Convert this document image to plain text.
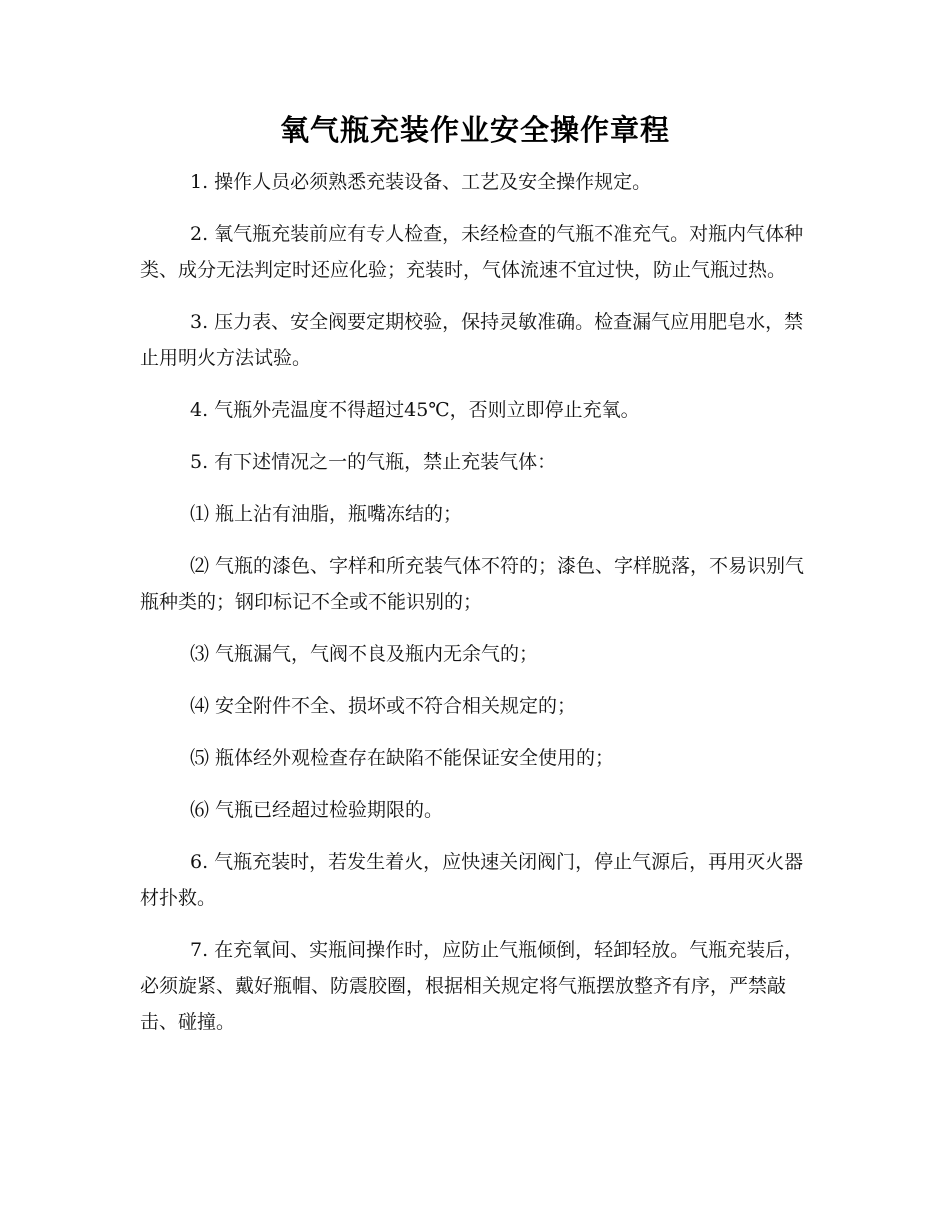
氧气瓶充装作业安全操作章程

1. 操作人员必须熟悉充装设备、工艺及安全操作规定。

2. 氧气瓶充装前应有专人检查，未经检查的气瓶不准充气。对瓶内气体种类、成分无法判定时还应化验；充装时，气体流速不宜过快，防止气瓶过热。

3. 压力表、安全阀要定期校验，保持灵敏准确。检查漏气应用肥皂水，禁止用明火方法试验。

4. 气瓶外壳温度不得超过45℃，否则立即停止充氧。

5. 有下述情况之一的气瓶，禁止充装气体：

⑴ 瓶上沾有油脂，瓶嘴冻结的；

⑵ 气瓶的漆色、字样和所充装气体不符的；漆色、字样脱落，不易识别气瓶种类的；钢印标记不全或不能识别的；

⑶ 气瓶漏气，气阀不良及瓶内无余气的；

⑷ 安全附件不全、损坏或不符合相关规定的；

⑸ 瓶体经外观检查存在缺陷不能保证安全使用的；

⑹ 气瓶已经超过检验期限的。

6. 气瓶充装时，若发生着火，应快速关闭阀门，停止气源后，再用灭火器材扑救。

7. 在充氧间、实瓶间操作时，应防止气瓶倾倒，轻卸轻放。气瓶充装后，必须旋紧、戴好瓶帽、防震胶圈，根据相关规定将气瓶摆放整齐有序，严禁敲击、碰撞。
